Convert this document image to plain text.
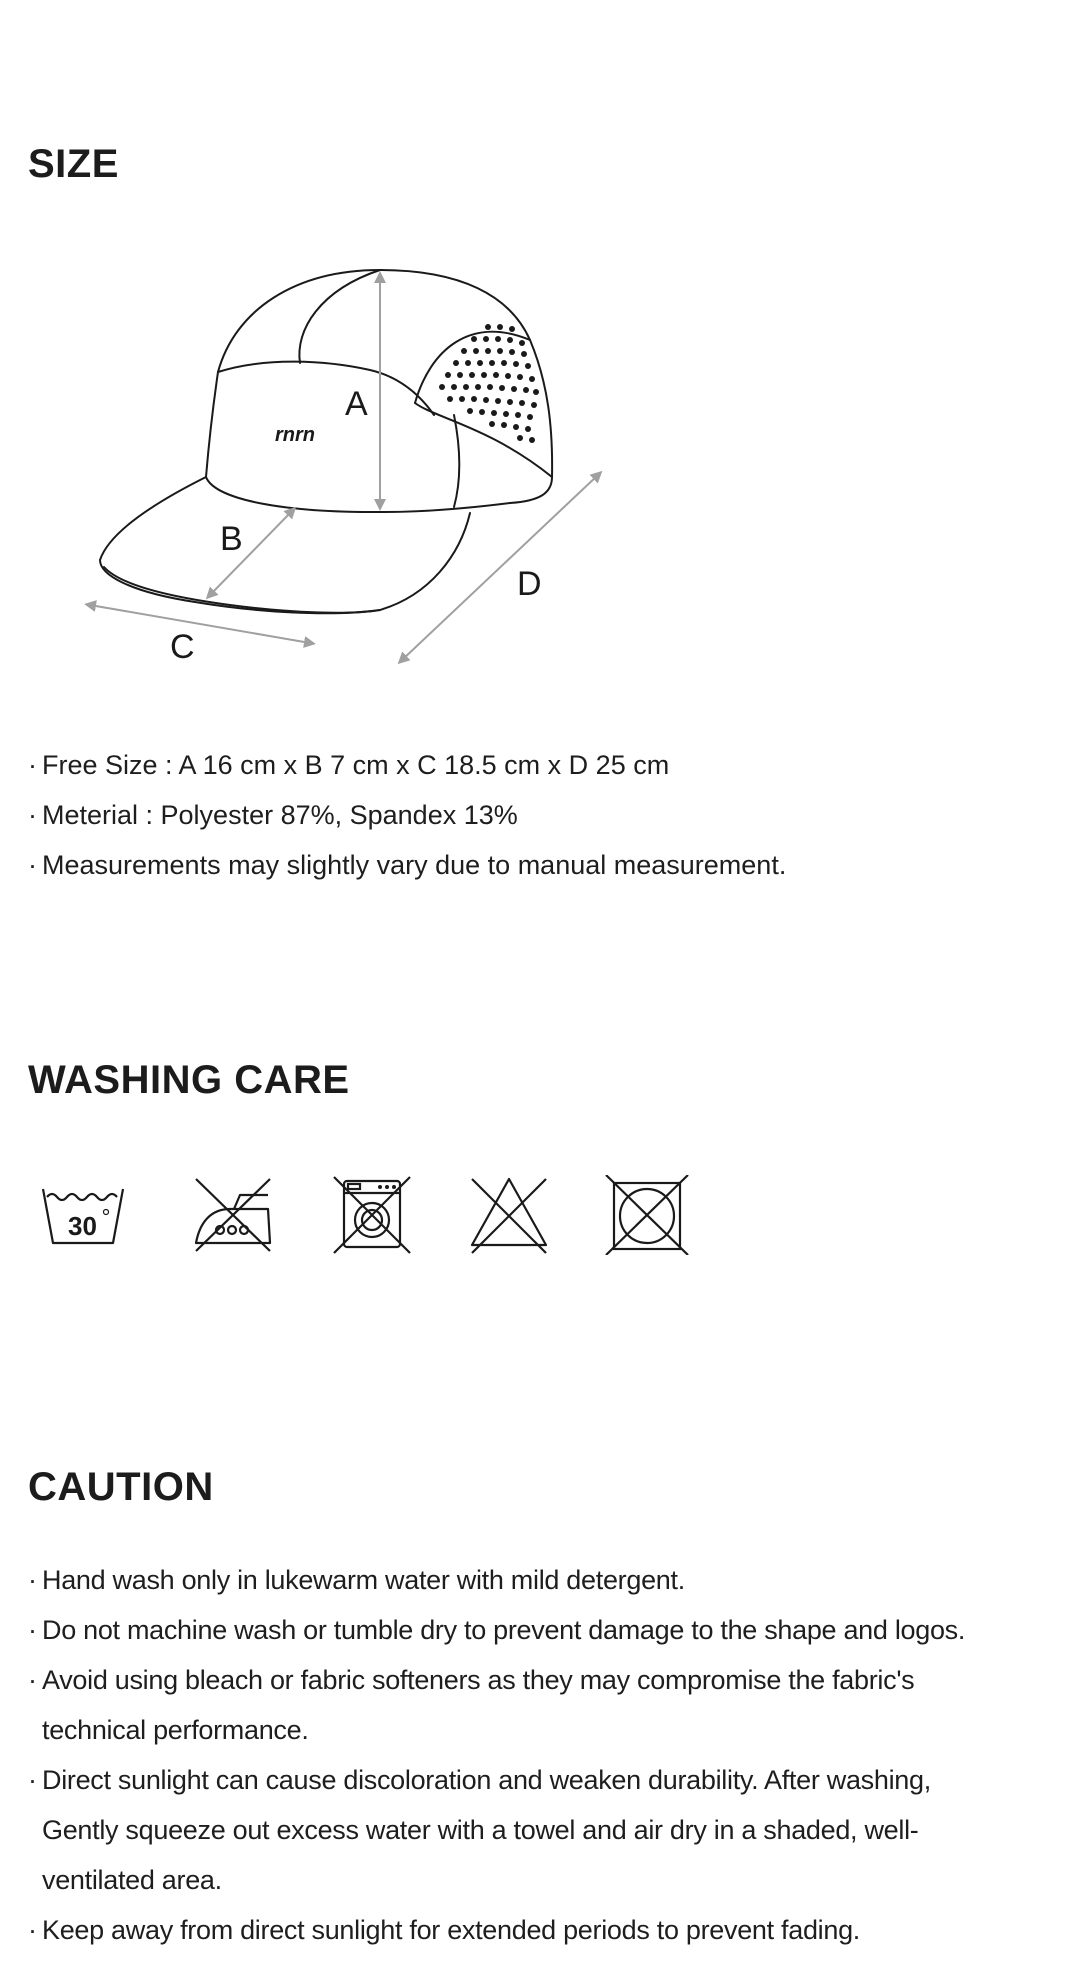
SIZE
rnrn
A
B
C
D
· Free Size : A 16 cm x B 7 cm x C 18.5 cm x D 25 cm
· Meterial : Polyester 87%, Spandex 13%
· Measurements may slightly vary due to manual measurement.
WASHING CARE
30
CAUTION
· Hand wash only in lukewarm water with mild detergent.
· Do not machine wash or tumble dry to prevent damage to the shape and logos.
· Avoid using bleach or fabric softeners as they may compromise the fabric's technical performance.
· Direct sunlight can cause discoloration and weaken durability. After washing, Gently squeeze out excess water with a towel and air dry in a shaded, well-ventilated area.
· Keep away from direct sunlight for extended periods to prevent fading.
